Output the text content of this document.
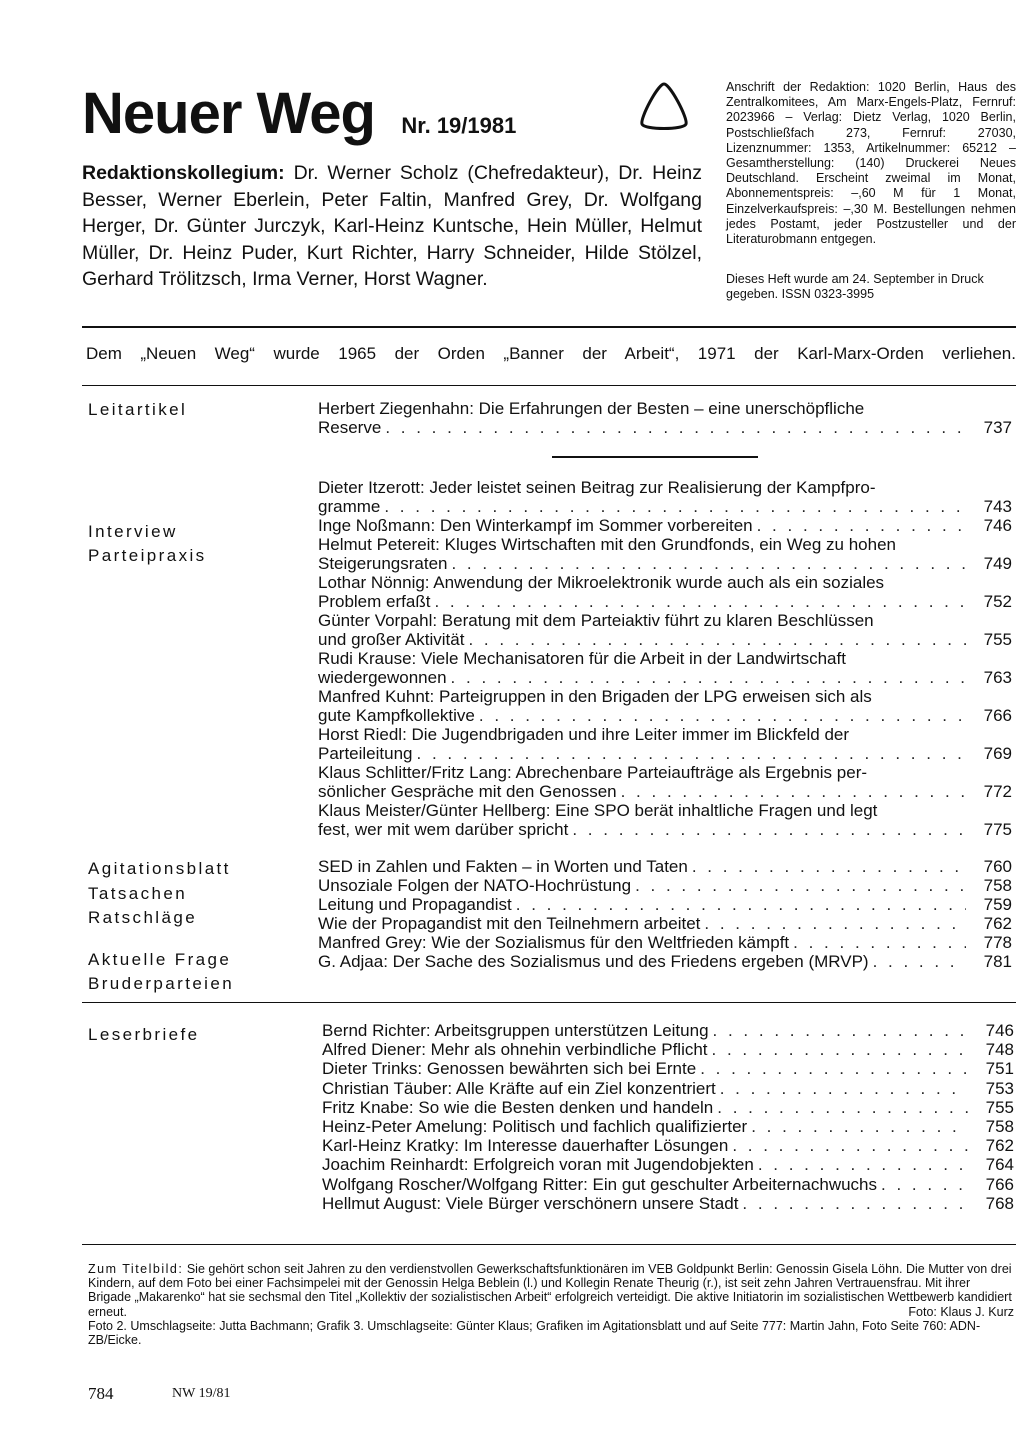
Neuer Weg Nr. 19/1981
Redaktionskollegium: Dr. Werner Scholz (Chefredakteur), Dr. Heinz Besser, Werner Eberlein, Peter Faltin, Manfred Grey, Dr. Wolfgang Herger, Dr. Günter Jurczyk, Karl-Heinz Kuntsche, Hein Müller, Helmut Müller, Dr. Heinz Puder, Kurt Richter, Harry Schneider, Hilde Stölzel, Gerhard Trölitzsch, Irma Verner, Horst Wagner.
Anschrift der Redaktion: 1020 Berlin, Haus des Zentralkomitees, Am Marx-Engels-Platz, Fernruf: 2023966 – Verlag: Dietz Verlag, 1020 Berlin, Postschließfach 273, Fernruf: 27030, Lizenznummer: 1353, Artikelnummer: 65212 – Gesamtherstellung: (140) Druckerei Neues Deutschland. Erscheint zweimal im Monat, Abonnementspreis: –,60 M für 1 Monat, Einzelverkaufspreis: –,30 M. Bestellungen nehmen jedes Postamt, jeder Postzusteller und der Literaturobmann entgegen.
Dieses Heft wurde am 24. September in Druck gegeben. ISSN 0323-3995
Dem „Neuen Weg“ wurde 1965 der Orden „Banner der Arbeit“, 1971 der Karl-Marx-Orden verliehen.
Leitartikel
Interview
Parteipraxis
Agitationsblatt
Tatsachen
Ratschläge
Aktuelle Frage
Bruderparteien
Leserbriefe
Herbert Ziegenhahn: Die Erfahrungen der Besten – eine unerschöpfliche
Reserve . . .	737
Dieter Itzerott: Jeder leistet seinen Beitrag zur Realisierung der Kampfpro-
gramme . . .	743
Inge Noßmann: Den Winterkampf im Sommer vorbereiten . . .	746
Helmut Petereit: Kluges Wirtschaften mit den Grundfonds, ein Weg zu hohen
Steigerungsraten . . .	749
Lothar Nönnig: Anwendung der Mikroelektronik wurde auch als ein soziales
Problem erfaßt . . .	752
Günter Vorpahl: Beratung mit dem Parteiaktiv führt zu klaren Beschlüssen
und großer Aktivität . . .	755
Rudi Krause: Viele Mechanisatoren für die Arbeit in der Landwirtschaft
wiedergewonnen . . .	763
Manfred Kuhnt: Parteigruppen in den Brigaden der LPG erweisen sich als
gute Kampfkollektive . . .	766
Horst Riedl: Die Jugendbrigaden und ihre Leiter immer im Blickfeld der
Parteileitung . . .	769
Klaus Schlitter/Fritz Lang: Abrechenbare Parteiaufträge als Ergebnis per-
sönlicher Gespräche mit den Genossen . . .	772
Klaus Meister/Günter Hellberg: Eine SPO berät inhaltliche Fragen und legt
fest, wer mit wem darüber spricht . . .	775
SED in Zahlen und Fakten – in Worten und Taten . . .	760
Unsoziale Folgen der NATO-Hochrüstung . . .	758
Leitung und Propagandist . . .	759
Wie der Propagandist mit den Teilnehmern arbeitet . . .	762
Manfred Grey: Wie der Sozialismus für den Weltfrieden kämpft . . .	778
G. Adjaa: Der Sache des Sozialismus und des Friedens ergeben (MRVP) . . .	781
Bernd Richter: Arbeitsgruppen unterstützen Leitung . . .	746
Alfred Diener: Mehr als ohnehin verbindliche Pflicht . . .	748
Dieter Trinks: Genossen bewährten sich bei Ernte . . .	751
Christian Täuber: Alle Kräfte auf ein Ziel konzentriert . . .	753
Fritz Knabe: So wie die Besten denken und handeln . . .	755
Heinz-Peter Amelung: Politisch und fachlich qualifizierter . . .	758
Karl-Heinz Kratky: Im Interesse dauerhafter Lösungen . . .	762
Joachim Reinhardt: Erfolgreich voran mit Jugendobjekten . . .	764
Wolfgang Roscher/Wolfgang Ritter: Ein gut geschulter Arbeiternachwuchs . . .	766
Hellmut August: Viele Bürger verschönern unsere Stadt . . .	768
Zum Titelbild: Sie gehört schon seit Jahren zu den verdienstvollen Gewerkschaftsfunktionären im VEB Goldpunkt Berlin: Genossin Gisela Löhn. Die Mutter von drei Kindern, auf dem Foto bei einer Fachsimpelei mit der Genossin Helga Beblein (l.) und Kollegin Renate Theurig (r.), ist seit zehn Jahren Vertrauensfrau. Mit ihrer Brigade „Makarenko“ hat sie sechsmal den Titel „Kollektiv der sozialistischen Arbeit“ erfolgreich verteidigt. Die aktive Initiatorin im sozialistischen Wettbewerb kandidiert erneut.	Foto: Klaus J. Kurz
Foto 2. Umschlagseite: Jutta Bachmann; Grafik 3. Umschlagseite: Günter Klaus; Grafiken im Agitationsblatt und auf Seite 777: Martin Jahn, Foto Seite 760: ADN-ZB/Eicke.
784	NW 19/81
